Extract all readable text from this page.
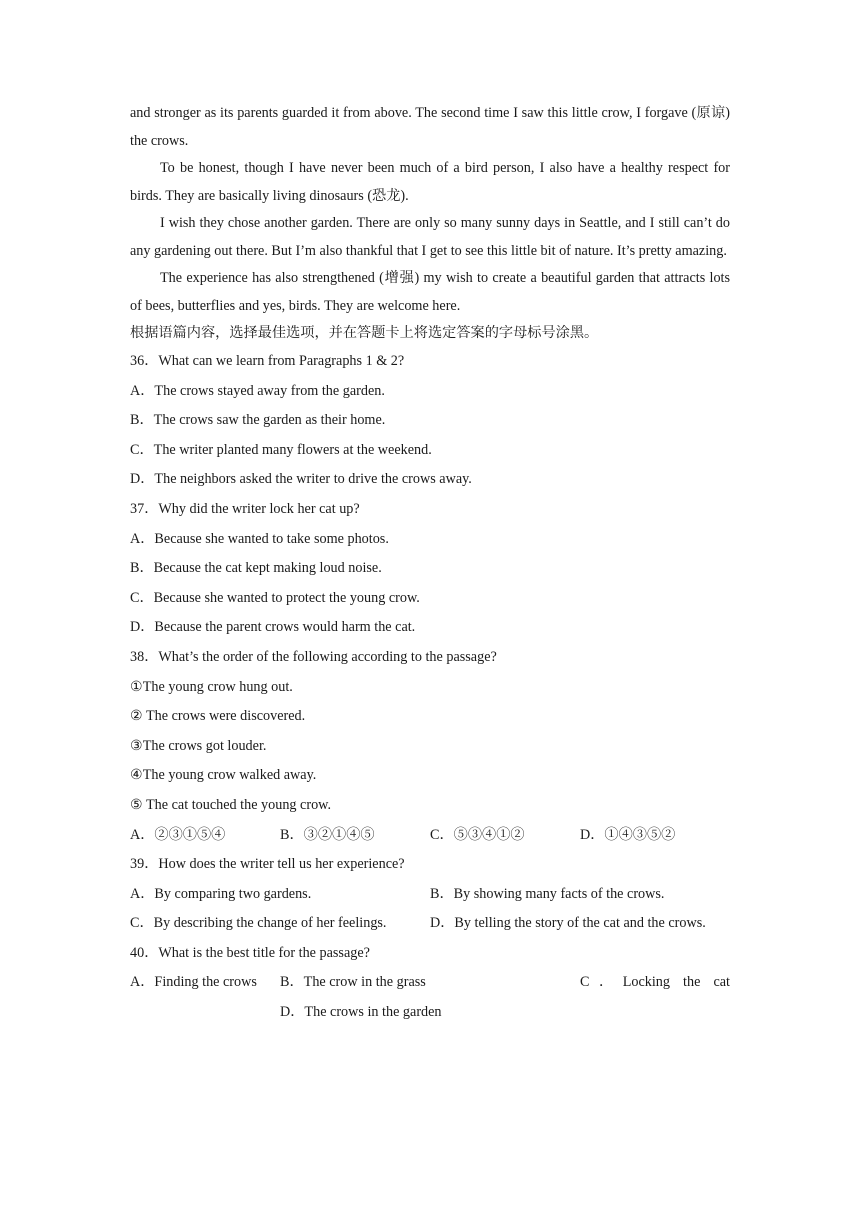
and stronger as its parents guarded it from above. The second time I saw this little crow, I forgave (原谅) the crows.

To be honest, though I have never been much of a bird person, I also have a healthy respect for birds. They are basically living dinosaurs (恐龙).

I wish they chose another garden. There are only so many sunny days in Seattle, and I still can’t do any gardening out there. But I’m also thankful that I get to see this little bit of nature. It’s pretty amazing.

The experience has also strengthened (增强) my wish to create a beautiful garden that attracts lots of bees, butterflies and yes, birds. They are welcome here.

根据语篇内容，选择最佳选项，并在答题卡上将选定答案的字母标号涂黑。

36．What can we learn from Paragraphs 1 & 2?

A．The crows stayed away from the garden.

B．The crows saw the garden as their home.

C．The writer planted many flowers at the weekend.

D．The neighbors asked the writer to drive the crows away.

37．Why did the writer lock her cat up?

A．Because she wanted to take some photos.

B．Because the cat kept making loud noise.

C．Because she wanted to protect the young crow.

D．Because the parent crows would harm the cat.

38．What’s the order of the following according to the passage?

①The young crow hung out.

② The crows were discovered.

③The crows got louder.

④The young crow walked away.

⑤ The cat touched the young crow.

A．②③①⑤④	B．③②①④⑤	C．⑤③④①②	D．①④③⑤②

39．How does the writer tell us her experience?

A．By comparing two gardens.	B．By showing many facts of the crows.
C．By describing the change of her feelings.	D．By telling the story of the cat and the crows.

40．What is the best title for the passage?

A．Finding the crows B．The crow in the grass	C．Locking the cat
D．The crows in the garden
